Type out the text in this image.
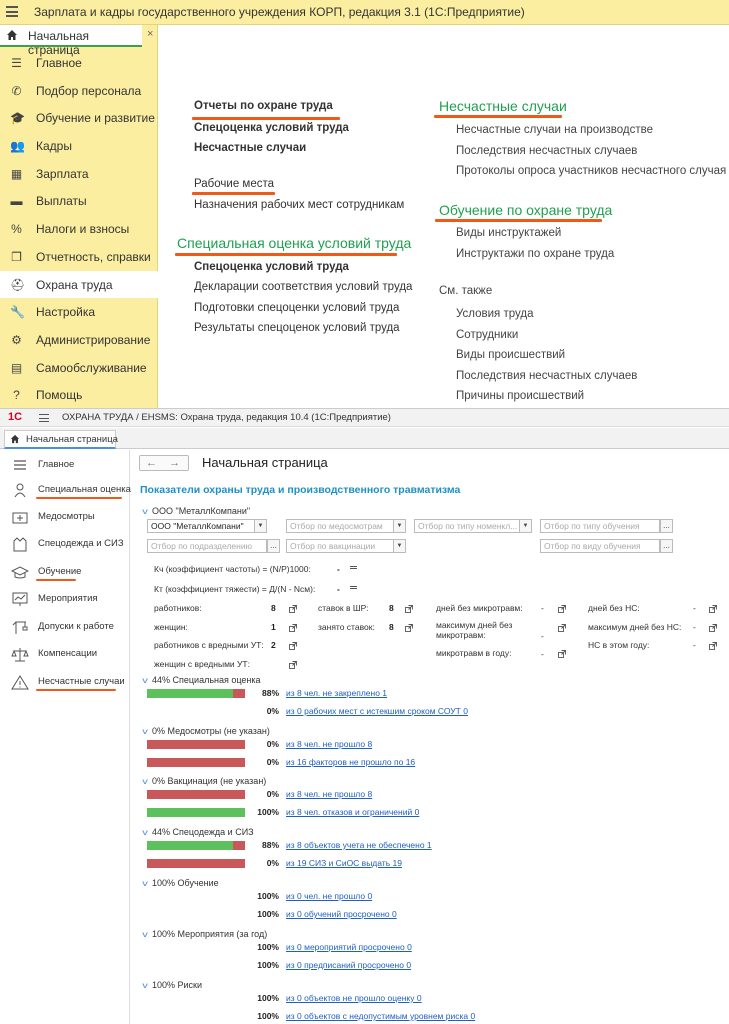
Зарплата и кадры государственного учреждения КОРП, редакция 3.1 (1С:Предприятие)
Начальная страница
×
☰ Главное
✆ Подбор персонала
🎓 Обучение и развитие
👥 Кадры
▦ Зарплата
▬ Выплаты
% Налоги и взносы
❐ Отчетность, справки
⛑ Охрана труда
🔧 Настройка
⚙ Администрирование
▤ Самообслуживание
? Помощь
Отчеты по охране труда
Спецоценка условий труда
Несчастные случаи
Рабочие места
Назначения рабочих мест сотрудникам
Специальная оценка условий труда
Спецоценка условий труда
Декларации соответствия условий труда
Подготовки спецоценки условий труда
Результаты спецоценок условий труда
Несчастные случаи
Несчастные случаи на производстве
Последствия несчастных случаев
Протоколы опроса участников несчастного случая
Обучение по охране труда
Виды инструктажей
Инструктажи по охране труда
См. также
Условия труда
Сотрудники
Виды происшествий
Последствия несчастных случаев
Причины происшествий
1С	ОХРАНА ТРУДА / EHSMS: Охрана труда, редакция 10.4 (1С:Предприятие)
Начальная страница
Главное
Специальная оценка
Медосмотры
Спецодежда и СИЗ
Обучение
Мероприятия
Допуски к работе
Компенсации
Несчастные случаи
← → Начальная страница
Показатели охраны труда и производственного травматизма
v ООО "МеталлКомпани"
ООО "МеталлКомпани"	▼	Отбор по медосмотрам	▼	Отбор по типу номенкл... ▼	Отбор по типу обучения	...
Отбор по подразделению	...	Отбор по вакцинации	▼	Отбор по виду обучения	...
Кч (коэффициент частоты) = (N/P)1000:	-
Кт (коэффициент тяжести) = Д/(N - Nсм):	-
работников:	8
женщин:	1
работников с вредными УТ: 2
женщин с вредными УТ:
ставок в ШР: 8
занято ставок: 8
дней без микротравм: -
максимум дней без микротравм:	-
микротравм в году:	-
дней без НС:	-
максимум дней без НС: -
НС в этом году:	-
v 44% Специальная оценка
88% из 8 чел. не закреплено 1
0% из 0 рабочих мест с истекшим сроком СОУТ 0
v 0% Медосмотры (не указан)
0% из 8 чел. не прошло 8
0% из 16 факторов не прошло по 16
v 0% Вакцинация (не указан)
0% из 8 чел. не прошло 8
100% из 8 чел. отказов и ограничений 0
v 44% Спецодежда и СИЗ
88% из 8 объектов учета не обеспечено 1
0% из 19 СИЗ и СиОС выдать 19
v 100% Обучение
100% из 0 чел. не прошло 0
100% из 0 обучений просрочено 0
v 100% Мероприятия (за год)
100% из 0 мероприятий просрочено 0
100% из 0 предписаний просрочено 0
v 100% Риски
100% из 0 объектов не прошло оценку 0
100% из 0 объектов с недопустимым уровнем риска 0
